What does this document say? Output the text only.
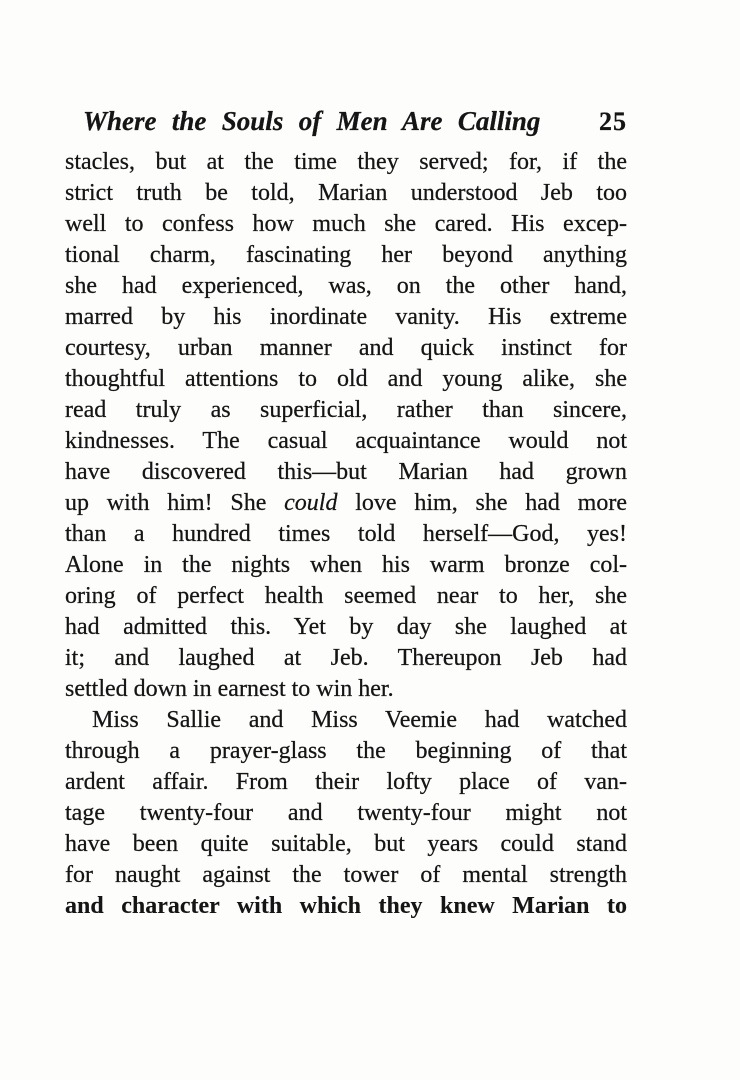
Where the Souls of Men Are Calling 25
stacles, but at the time they served; for, if the
strict truth be told, Marian understood Jeb too
well to confess how much she cared. His excep-
tional charm, fascinating her beyond anything
she had experienced, was, on the other hand,
marred by his inordinate vanity. His extreme
courtesy, urban manner and quick instinct for
thoughtful attentions to old and young alike, she
read truly as superficial, rather than sincere,
kindnesses. The casual acquaintance would not
have discovered this—but Marian had grown
up with him! She could love him, she had more
than a hundred times told herself—God, yes!
Alone in the nights when his warm bronze col-
oring of perfect health seemed near to her, she
had admitted this. Yet by day she laughed at
it; and laughed at Jeb. Thereupon Jeb had
settled down in earnest to win her.
Miss Sallie and Miss Veemie had watched
through a prayer-glass the beginning of that
ardent affair. From their lofty place of van-
tage twenty-four and twenty-four might not
have been quite suitable, but years could stand
for naught against the tower of mental strength
and character with which they knew Marian to
